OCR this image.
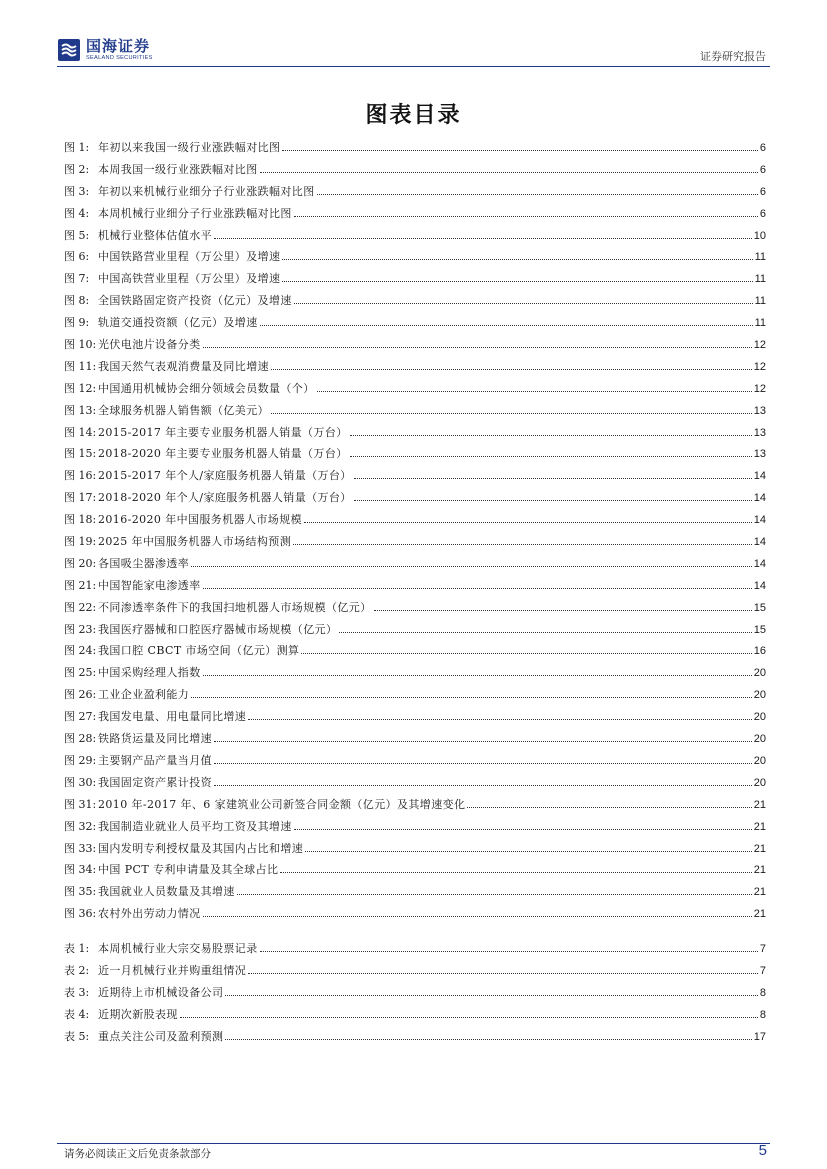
国海证券
SEALAND SECURITIES	证券研究报告
图表目录
图 1: 年初以来我国一级行业涨跌幅对比图	6
图 2: 本周我国一级行业涨跌幅对比图	6
图 3: 年初以来机械行业细分子行业涨跌幅对比图	6
图 4: 本周机械行业细分子行业涨跌幅对比图	6
图 5: 机械行业整体估值水平	10
图 6: 中国铁路营业里程（万公里）及增速	11
图 7: 中国高铁营业里程（万公里）及增速	11
图 8: 全国铁路固定资产投资（亿元）及增速	11
图 9: 轨道交通投资额（亿元）及增速	11
图 10: 光伏电池片设备分类	12
图 11: 我国天然气表观消费量及同比增速	12
图 12: 中国通用机械协会细分领域会员数量（个）	12
图 13: 全球服务机器人销售额（亿美元）	13
图 14: 2015-2017 年主要专业服务机器人销量（万台）	13
图 15: 2018-2020 年主要专业服务机器人销量（万台）	13
图 16: 2015-2017 年个人/家庭服务机器人销量（万台）	14
图 17: 2018-2020 年个人/家庭服务机器人销量（万台）	14
图 18: 2016-2020 年中国服务机器人市场规模	14
图 19: 2025 年中国服务机器人市场结构预测	14
图 20: 各国吸尘器渗透率	14
图 21: 中国智能家电渗透率	14
图 22: 不同渗透率条件下的我国扫地机器人市场规模（亿元）	15
图 23: 我国医疗器械和口腔医疗器械市场规模（亿元）	15
图 24: 我国口腔 CBCT 市场空间（亿元）测算	16
图 25: 中国采购经理人指数	20
图 26: 工业企业盈利能力	20
图 27: 我国发电量、用电量同比增速	20
图 28: 铁路货运量及同比增速	20
图 29: 主要钢产品产量当月值	20
图 30: 我国固定资产累计投资	20
图 31: 2010 年-2017 年、6 家建筑业公司新签合同金额（亿元）及其增速变化	21
图 32: 我国制造业就业人员平均工资及其增速	21
图 33: 国内发明专利授权量及其国内占比和增速	21
图 34: 中国 PCT 专利申请量及其全球占比	21
图 35: 我国就业人员数量及其增速	21
图 36: 农村外出劳动力情况	21
表 1: 本周机械行业大宗交易股票记录	7
表 2: 近一月机械行业并购重组情况	7
表 3: 近期待上市机械设备公司	8
表 4: 近期次新股表现	8
表 5: 重点关注公司及盈利预测	17
请务必阅读正文后免责条款部分	5
